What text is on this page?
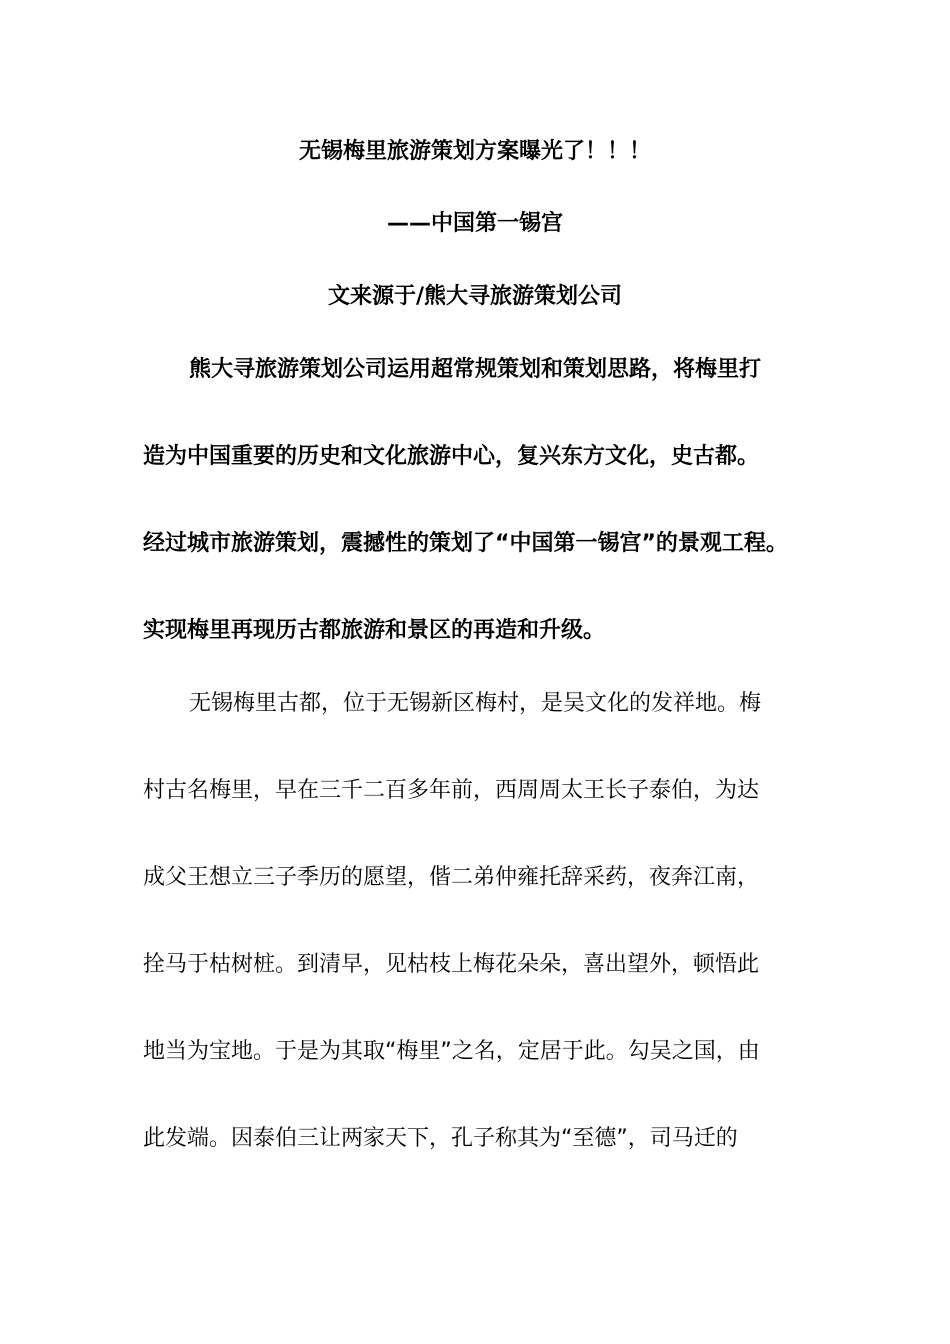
无锡梅里旅游策划方案曝光了！！！
——中国第一锡宫
文来源于/熊大寻旅游策划公司
熊大寻旅游策划公司运用超常规策划和策划思路，将梅里打
造为中国重要的历史和文化旅游中心，复兴东方文化，史古都。
经过城市旅游策划，震撼性的策划了“中国第一锡宫”的景观工程。
实现梅里再现历古都旅游和景区的再造和升级。
无锡梅里古都，位于无锡新区梅村，是吴文化的发祥地。梅
村古名梅里，早在三千二百多年前，西周周太王长子泰伯，为达
成父王想立三子季历的愿望，偕二弟仲雍托辞采药，夜奔江南，
拴马于枯树桩。到清早，见枯枝上梅花朵朵，喜出望外，顿悟此
地当为宝地。于是为其取“梅里”之名，定居于此。勾吴之国，由
此发端。因泰伯三让两家天下，孔子称其为“至德”，司马迁的
